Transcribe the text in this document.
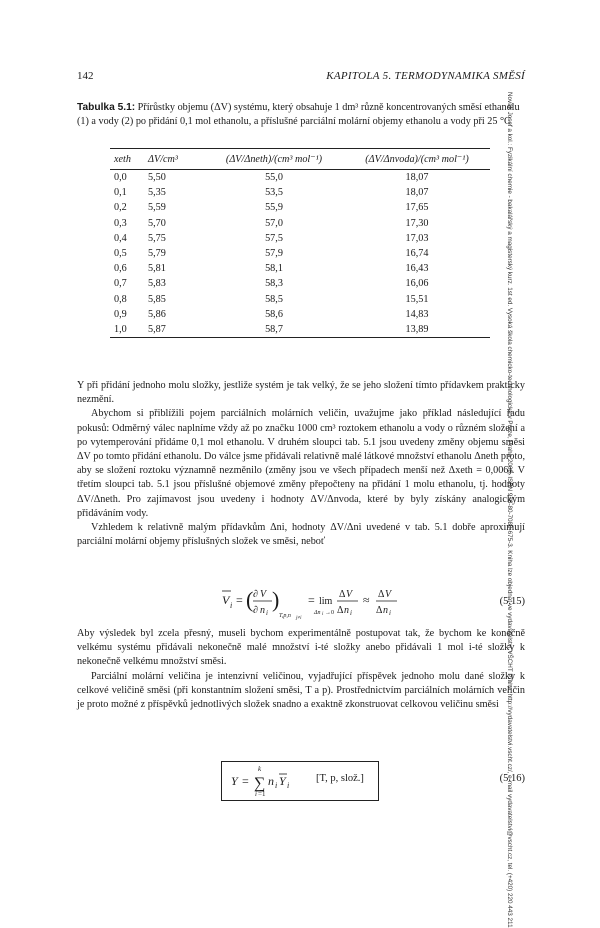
142	KAPITOLA 5. TERMODYNAMIKA SMĚSÍ
Novák Josef a kol.: Fyzikální chemie - bakalářský a magisterský kurz. 1st ed. Vysoká škola chemicko-technologická v Praze, Praha 2008, ISBN 978-80-7080-675-3. Kniha lze objednat ve vydavatelství VŠCHT Praha, http://vydavatelstvi.vscht.cz/, e-mail vydavatelstvi@vscht.cz, tel. (+420) 220 443 211
Tabulka 5.1: Přírůstky objemu (ΔV) systému, který obsahuje 1 dm³ různě koncentrovaných směsí ethanolu (1) a vody (2) po přidání 0,1 mol ethanolu, a příslušné parciální molární objemy ethanolu a vody při 25 °C
xeth	ΔV/cm³	(ΔV/Δneth)/(cm³ mol⁻¹)	(ΔV/Δnvoda)/(cm³ mol⁻¹)
0,0	5,50	55,0	18,07
0,1	5,35	53,5	18,07
0,2	5,59	55,9	17,65
0,3	5,70	57,0	17,30
0,4	5,75	57,5	17,03
0,5	5,79	57,9	16,74
0,6	5,81	58,1	16,43
0,7	5,83	58,3	16,06
0,8	5,85	58,5	15,51
0,9	5,86	58,6	14,83
1,0	5,87	58,7	13,89

Y při přidání jednoho molu složky, jestliže systém je tak velký, že se jeho složení tímto přídavkem prakticky nezmění.

Abychom si přiblížili pojem parciálních molárních veličin, uvažujme jako příklad následující řadu pokusů: Odměrný válec naplníme vždy až po značku 1000 cm³ roztokem ethanolu a vody o různém složení a po vytemperování přidáme 0,1 mol ethanolu. V druhém sloupci tab. 5.1 jsou uvedeny změny objemu směsi ΔV po tomto přidání ethanolu. Do válce jsme přidávali relativně malé látkové množství ethanolu Δneth proto, aby se složení roztoku významně nezměnilo (změny jsou ve všech případech menší než Δxeth = 0,006). V třetím sloupci tab. 5.1 jsou příslušné objemové změny přepočteny na přidání 1 molu ethanolu, tj. hodnoty ΔV/Δneth. Pro zajímavost jsou uvedeny i hodnoty ΔV/Δnvoda, které by byly získány analogickým přidáváním vody.

Vzhledem k relativně malým přídavkům Δni, hodnoty ΔV/Δni uvedené v tab. 5.1 dobře aproximují parciální molární objemy příslušných složek ve směsi, neboť

V i = ( ∂ V
∂ n i
)
T,p,n j≠i
= lim
Δn i →0
Δ V
Δ n i
≈ Δ V
Δ n i
(5.15)

Aby výsledek byl zcela přesný, museli bychom experimentálně postupovat tak, že bychom ke konečně velkému systému přidávali nekonečně malé množství i-té složky anebo přidávali 1 mol i-té složky k nekonečně velkému množství směsi.

Parciální molární veličina je intenzivní veličinou, vyjadřující příspěvek jednoho molu dané složky k celkové veličině směsi (při konstantním složení směsi, T a p). Prostřednictvím parciálních molárních veličin je proto možné z příspěvků jednotlivých složek snadno a exaktně zkonstruovat celkovou veličinu směsi

Y = ∑
k
i =1
n i Y i
[T, p, slož.]	(5.16)
